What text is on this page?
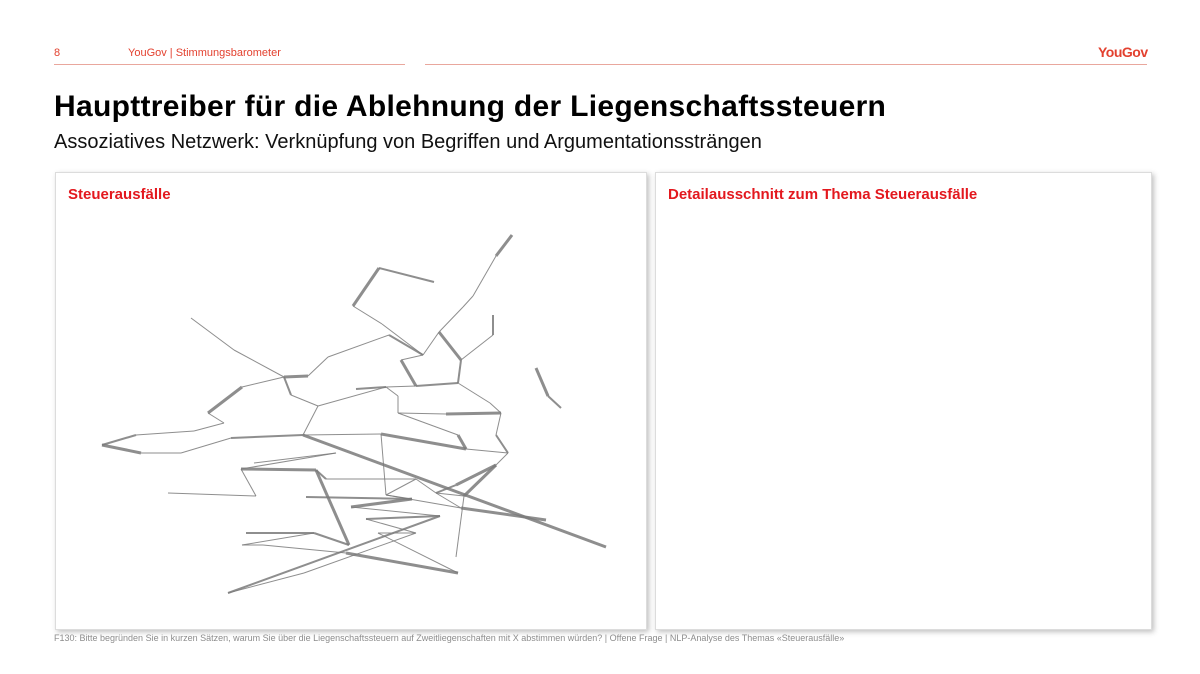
8	YouGov | Stimmungsbarometer	YouGov
Haupttreiber für die Ablehnung der Liegenschaftssteuern
Assoziatives Netzwerk: Verknüpfung von Begriffen und Argumentationssträngen
Steuerausfälle	Detailausschnitt zum Thema Steuerausfälle
F130: Bitte begründen Sie in kurzen Sätzen, warum Sie über die Liegenschaftssteuern auf Zweitliegenschaften mit X abstimmen würden? | Offene Frage | NLP-Analyse des Themas «Steuerausfälle»
